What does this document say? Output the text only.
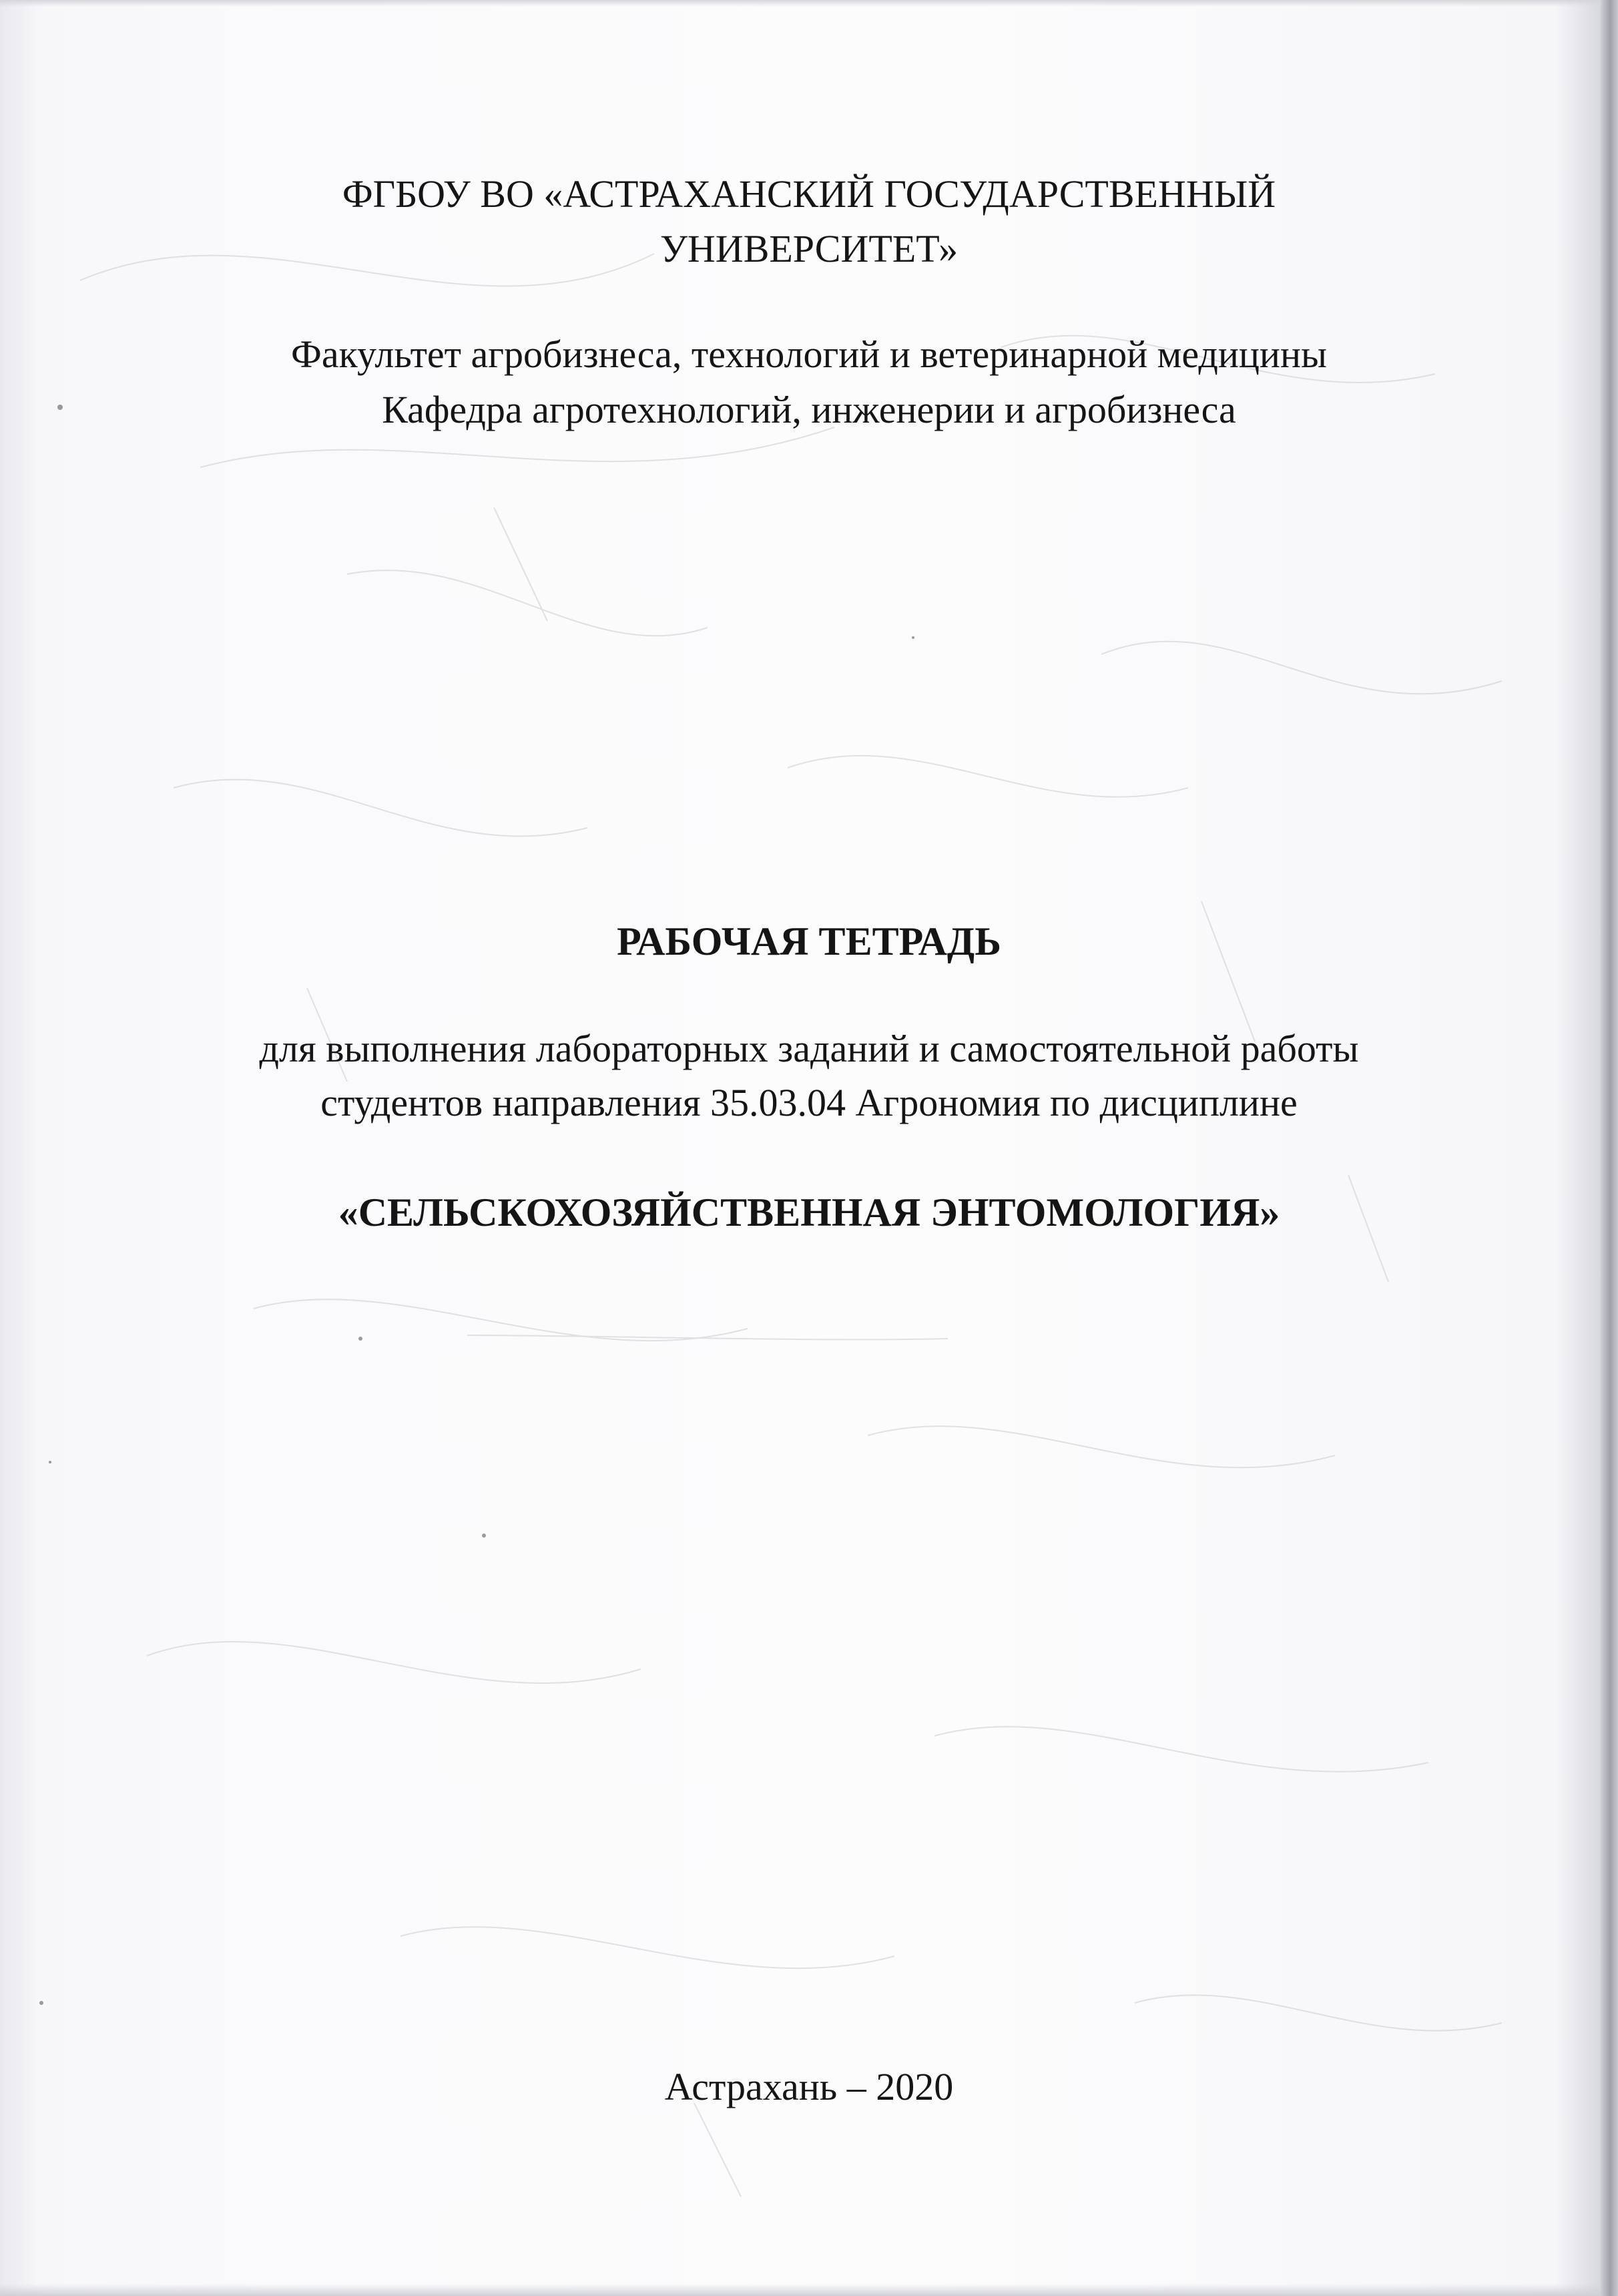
ФГБОУ ВО «АСТРАХАНСКИЙ ГОСУДАРСТВЕННЫЙ
УНИВЕРСИТЕТ»
Факультет агробизнеса, технологий и ветеринарной медицины
Кафедра агротехнологий, инженерии и агробизнеса
РАБОЧАЯ ТЕТРАДЬ
для выполнения лабораторных заданий и самостоятельной работы
студентов направления 35.03.04 Агрономия по дисциплине
«СЕЛЬСКОХОЗЯЙСТВЕННАЯ ЭНТОМОЛОГИЯ»
Астрахань – 2020
